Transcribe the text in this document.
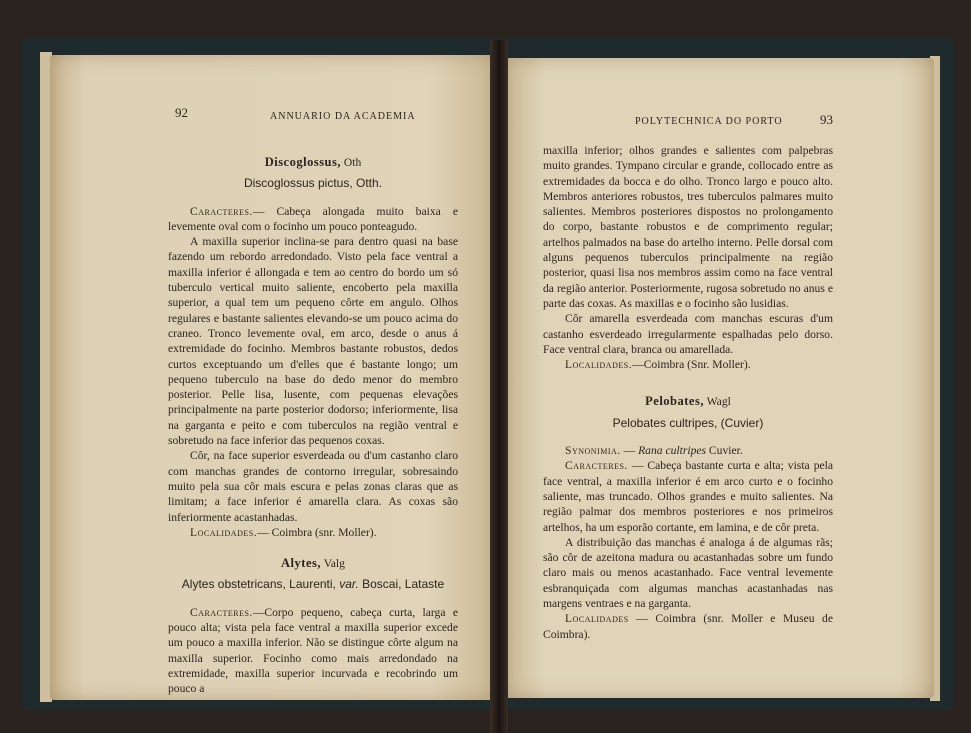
92	ANNUARIO DA ACADEMIA

Discoglossus, Oth

Discoglossus pictus, Otth.

Caracteres.— Cabeça alongada muito baixa e levemente oval com o focinho um pouco ponteagudo.

A maxilla superior inclina-se para dentro quasi na base fazendo um rebordo arredondado. Visto pela face ventral a maxilla inferior é allongada e tem ao centro do bordo um só tuberculo vertical muito saliente, encoberto pela maxilla superior, a qual tem um pequeno côrte em angulo. Olhos regulares e bastante salientes elevando-se um pouco acima do craneo. Tronco levemente oval, em arco, desde o anus á extremidade do focinho. Membros bastante robustos, dedos curtos exceptuando um d'elles que é bastante longo; um pequeno tuberculo na base do dedo menor do membro posterior. Pelle lisa, lusente, com pequenas elevações principalmente na parte posterior dodorso; inferiormente, lisa na garganta e peito e com tuberculos na região ventral e sobretudo na face inferior das pequenos coxas.

Côr, na face superior esverdeada ou d'um castanho claro com manchas grandes de contorno irregular, sobresaindo muito pela sua côr mais escura e pelas zonas claras que as limitam; a face inferior é amarella clara. As coxas são inferiormente acastanhadas.

Localidades.— Coimbra (snr. Moller).

Alytes, Valg

Alytes obstetricans, Laurenti, var. Boscai, Lataste

Caracteres.—Corpo pequeno, cabeça curta, larga e pouco alta; vista pela face ventral a maxilla superior excede um pouco a maxilla inferior. Não se distingue côrte algum na maxilla superior. Focinho como mais arredondado na extremidade, maxilla superior incurvada e recobrindo um pouco a

POLYTECHNICA DO PORTO	93

maxilla inferior; olhos grandes e salientes com palpebras muito grandes. Tympano circular e grande, collocado entre as extremidades da bocca e do olho. Tronco largo e pouco alto. Membros anteriores robustos, tres tuberculos palmares muito salientes. Membros posteriores dispostos no prolongamento do corpo, bastante robustos e de comprimento regular; artelhos palmados na base do artelho interno. Pelle dorsal com alguns pequenos tuberculos principalmente na região posterior, quasi lisa nos membros assim como na face ventral da região anterior. Posteriormente, rugosa sobretudo no anus e parte das coxas. As maxillas e o focinho são lusidias.

Côr amarella esverdeada com manchas escuras d'um castanho esverdeado irregularmente espalhadas pelo dorso. Face ventral clara, branca ou amarellada.

Localidades.—Coimbra (Snr. Moller).

Pelobates, Wagl

Pelobates cultripes, (Cuvier)

Synonimia. — Rana cultripes Cuvier.

Caracteres. — Cabeça bastante curta e alta; vista pela face ventral, a maxilla inferior é em arco curto e o focinho saliente, mas truncado. Olhos grandes e muito salientes. Na região palmar dos membros posteriores e nos primeiros artelhos, ha um esporão cortante, em lamina, e de côr preta.

A distribuição das manchas é analoga á de algumas rãs; são côr de azeitona madura ou acastanhadas sobre um fundo claro mais ou menos acastanhado. Face ventral levemente esbranquiçada com algumas manchas acastanhadas nas margens ventraes e na garganta.

Localidades — Coimbra (snr. Moller e Museu de Coimbra).
